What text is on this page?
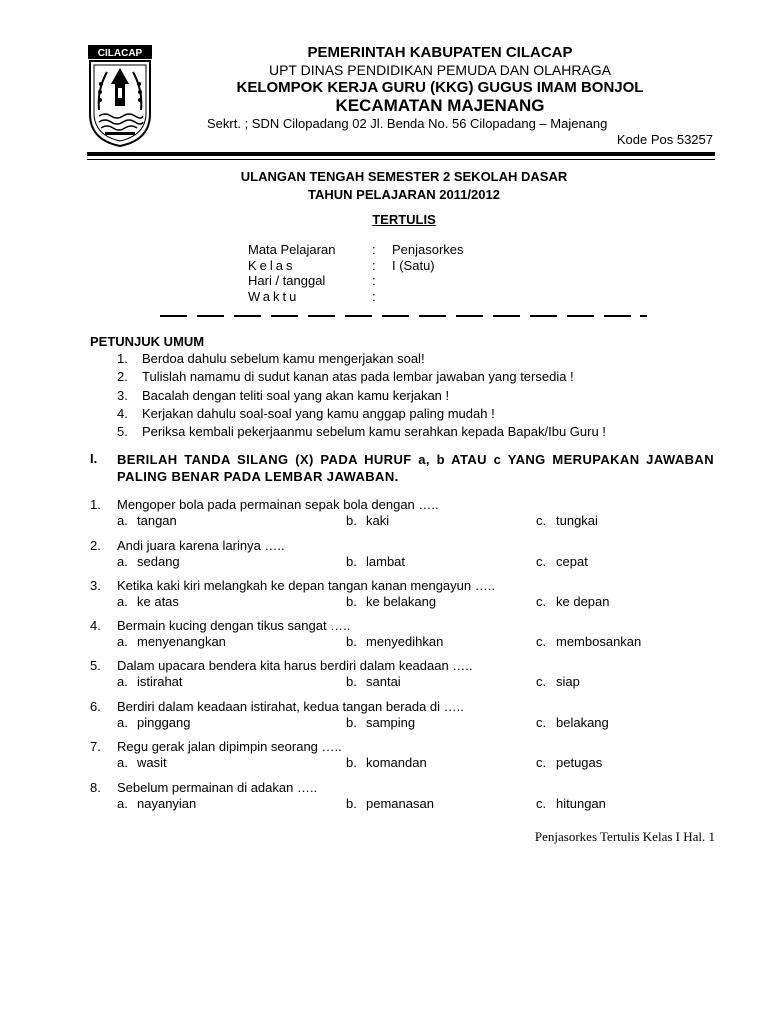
CILACAP	PEMERINTAH KABUPATEN CILACAP
UPT DINAS PENDIDIKAN PEMUDA DAN OLAHRAGA
KELOMPOK KERJA GURU (KKG) GUGUS IMAM BONJOL
KECAMATAN MAJENANG
Sekrt. ; SDN Cilopadang 02 Jl. Benda No. 56 Cilopadang – Majenang
Kode Pos 53257
ULANGAN TENGAH SEMESTER 2 SEKOLAH DASAR
TAHUN PELAJARAN 2011/2012
TERTULIS
Mata Pelajaran	: Penjasorkes
Kelas	: I (Satu)
Hari / tanggal	:
Waktu	:
PETUNJUK UMUM
1. Berdoa dahulu sebelum kamu mengerjakan soal!
2. Tulislah namamu di sudut kanan atas pada lembar jawaban yang tersedia !
3. Bacalah dengan teliti soal yang akan kamu kerjakan !
4. Kerjakan dahulu soal-soal yang kamu anggap paling mudah !
5. Periksa kembali pekerjaanmu sebelum kamu serahkan kepada Bapak/Ibu Guru !
I. BERILAH TANDA SILANG (X) PADA HURUF a, b ATAU c YANG MERUPAKAN JAWABAN PALING BENAR PADA LEMBAR JAWABAN.
1. Mengoper bola pada permainan sepak bola dengan …..
a. tangan	b. kaki	c. tungkai
2. Andi juara karena larinya …..
a. sedang	b. lambat	c. cepat
3. Ketika kaki kiri melangkah ke depan tangan kanan mengayun …..
a. ke atas	b. ke belakang	c. ke depan
4. Bermain kucing dengan tikus sangat …..
a. menyenangkan	b. menyedihkan	c. membosankan
5. Dalam upacara bendera kita harus berdiri dalam keadaan …..
a. istirahat	b. santai	c. siap
6. Berdiri dalam keadaan istirahat, kedua tangan berada di …..
a. pinggang	b. samping	c. belakang
7. Regu gerak jalan dipimpin seorang …..
a. wasit	b. komandan	c. petugas
8. Sebelum permainan di adakan …..
a. nayanyian	b. pemanasan	c. hitungan
Penjasorkes Tertulis Kelas I Hal. 1
